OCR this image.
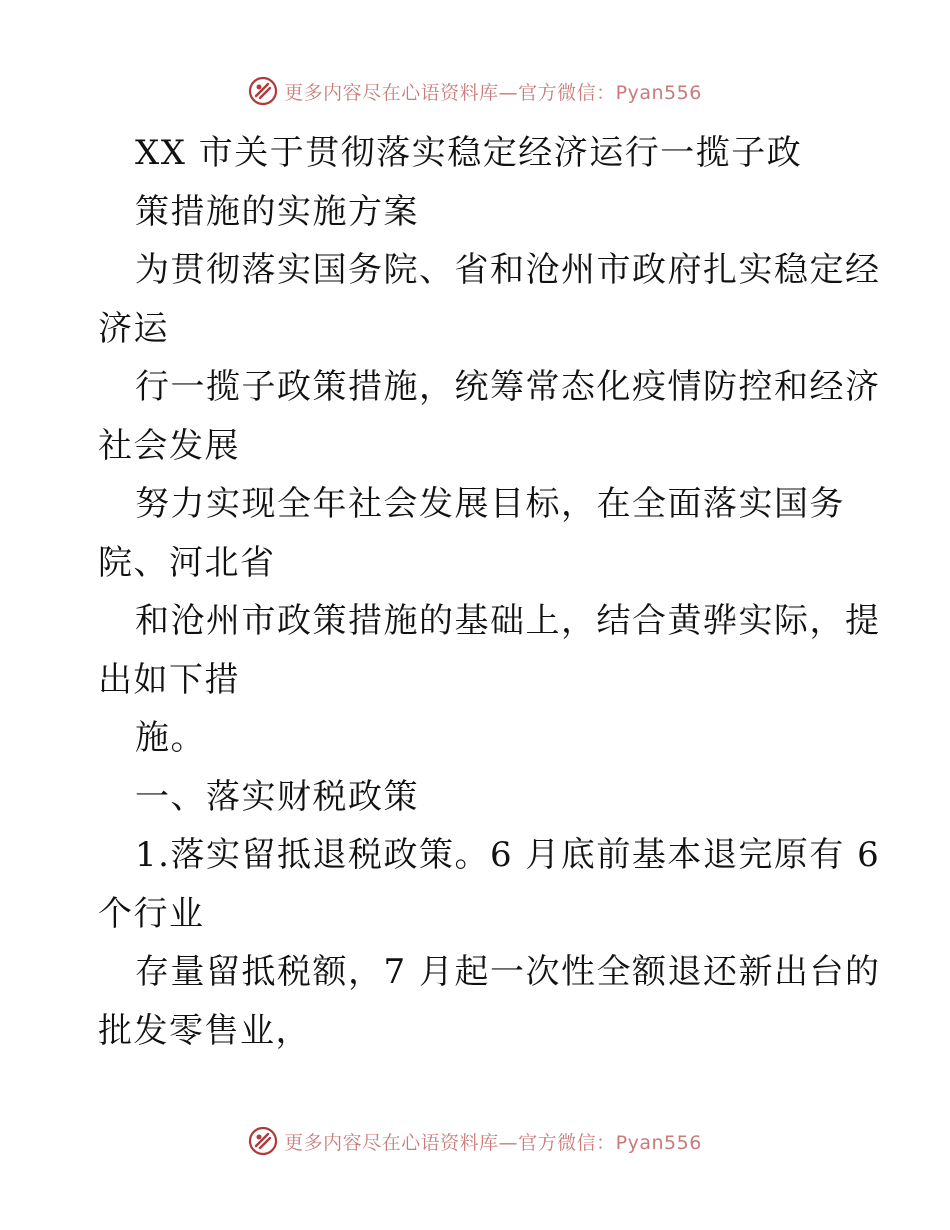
更多内容尽在心语资料库—官方微信：Pyan556
XX 市关于贯彻落实稳定经济运行一揽子政
策措施的实施方案
为贯彻落实国务院、省和沧州市政府扎实稳定经
济运
行一揽子政策措施，统筹常态化疫情防控和经济
社会发展
努力实现全年社会发展目标，在全面落实国务
院、河北省
和沧州市政策措施的基础上，结合黄骅实际，提
出如下措
施。
一、落实财税政策
1.落实留抵退税政策。6 月底前基本退完原有 6
个行业
存量留抵税额，7 月起一次性全额退还新出台的
批发零售业，
更多内容尽在心语资料库—官方微信：Pyan556
